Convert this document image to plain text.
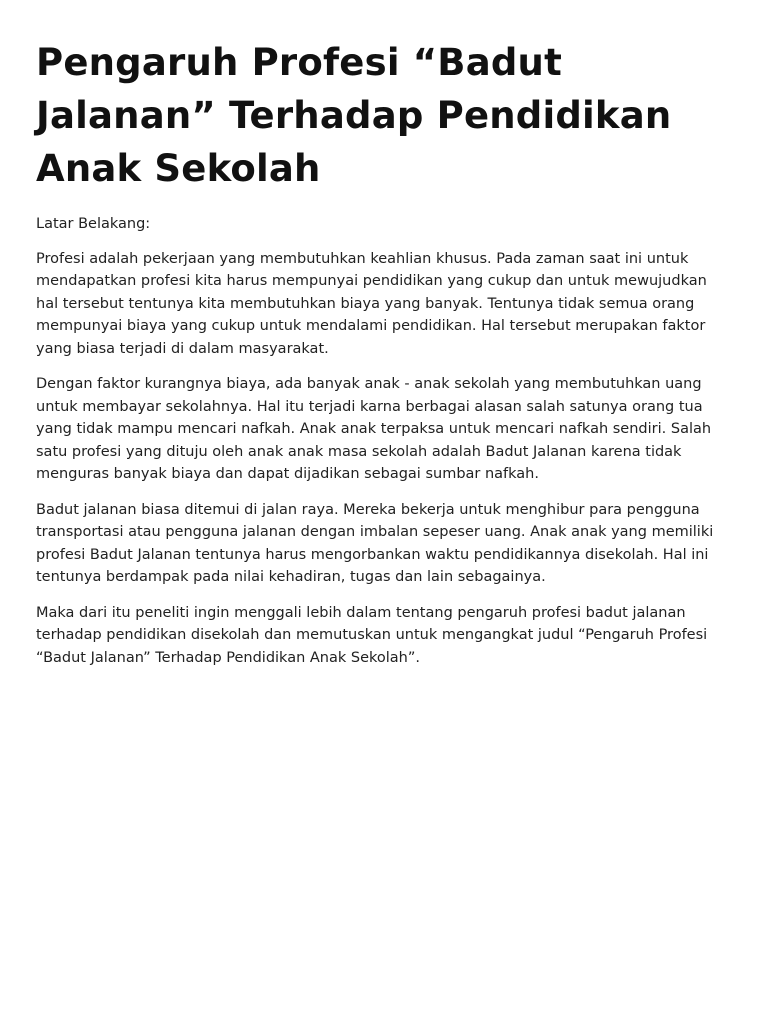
Pengaruh Profesi “Badut Jalanan” Terhadap Pendidikan Anak Sekolah

Latar Belakang:

Profesi adalah pekerjaan yang membutuhkan keahlian khusus. Pada zaman saat ini untuk mendapatkan profesi kita harus mempunyai pendidikan yang cukup dan untuk mewujudkan hal tersebut tentunya kita membutuhkan biaya yang banyak. Tentunya tidak semua orang mempunyai biaya yang cukup untuk mendalami pendidikan. Hal tersebut merupakan faktor yang biasa terjadi di dalam masyarakat.

Dengan faktor kurangnya biaya, ada banyak anak - anak sekolah yang membutuhkan uang untuk membayar sekolahnya. Hal itu terjadi karna berbagai alasan salah satunya orang tua yang tidak mampu mencari nafkah. Anak anak terpaksa untuk mencari nafkah sendiri. Salah satu profesi yang dituju oleh anak anak masa sekolah adalah Badut Jalanan karena tidak menguras banyak biaya dan dapat dijadikan sebagai sumbar nafkah.

Badut jalanan biasa ditemui di jalan raya. Mereka bekerja untuk menghibur para pengguna transportasi atau pengguna jalanan dengan imbalan sepeser uang. Anak anak yang memiliki profesi Badut Jalanan tentunya harus mengorbankan waktu pendidikannya disekolah. Hal ini tentunya berdampak pada nilai kehadiran, tugas dan lain sebagainya.

Maka dari itu peneliti ingin menggali lebih dalam tentang pengaruh profesi badut jalanan terhadap pendidikan disekolah dan memutuskan untuk mengangkat judul “Pengaruh Profesi “Badut Jalanan” Terhadap Pendidikan Anak Sekolah”.
